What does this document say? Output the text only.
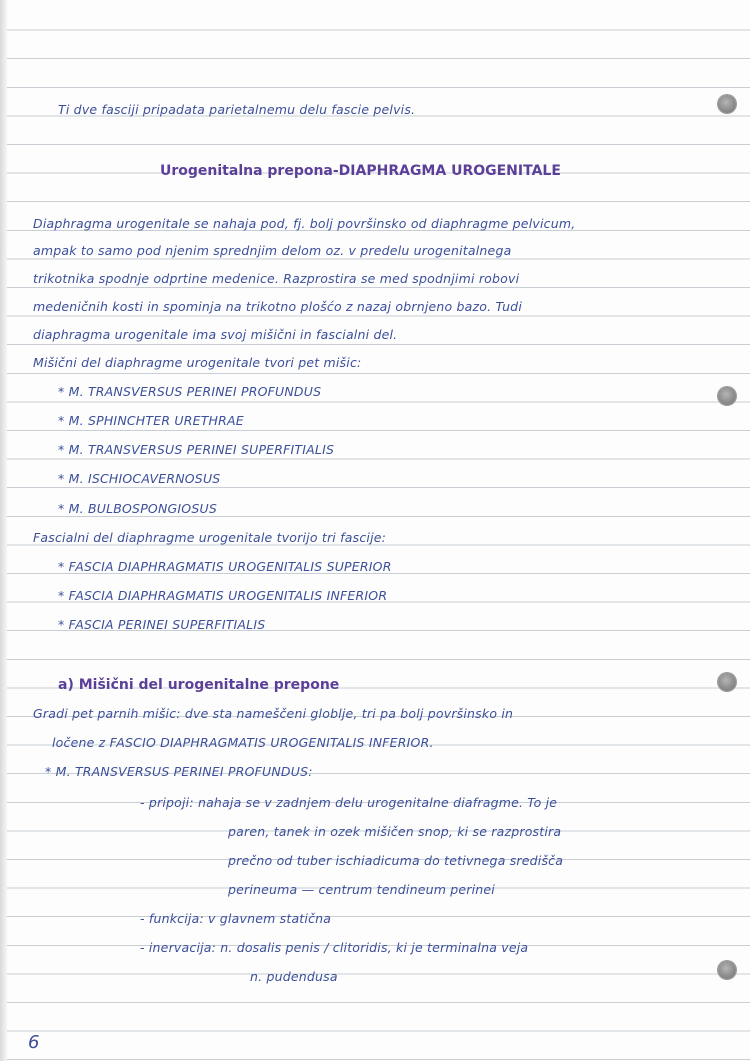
Ti dve fasciji pripadata parietalnemu delu fascie pelvis.
Urogenitalna prepona-DIAPHRAGMA UROGENITALE
Diaphragma urogenitale se nahaja pod, fj. bolj površinsko od diaphragme pelvicum,
ampak to samo pod njenim sprednjim delom oz. v predelu urogenitalnega
trikotnika spodnje odprtine medenice. Razprostira se med spodnjimi robovi
medeničnih kosti in spominja na trikotno plošćo z nazaj obrnjeno bazo. Tudi
diaphragma urogenitale ima svoj mišični in fascialni del.
Mišični del diaphragme urogenitale tvori pet mišic:
* M. TRANSVERSUS PERINEI PROFUNDUS
* M. SPHINCHTER URETHRAE
* M. TRANSVERSUS PERINEI SUPERFITIALIS
* M. ISCHIOCAVERNOSUS
* M. BULBOSPONGIOSUS
Fascialni del diaphragme urogenitale tvorijo tri fascije:
* FASCIA DIAPHRAGMATIS UROGENITALIS SUPERIOR
* FASCIA DIAPHRAGMATIS UROGENITALIS INFERIOR
* FASCIA PERINEI SUPERFITIALIS
a) Mišični del urogenitalne prepone
Gradi pet parnih mišic: dve sta nameščeni globlje, tri pa bolj površinsko in
ločene z FASCIO DIAPHRAGMATIS UROGENITALIS INFERIOR.
* M. TRANSVERSUS PERINEI PROFUNDUS:
- pripoji: nahaja se v zadnjem delu urogenitalne diafragme. To je
paren, tanek in ozek mišičen snop, ki se razprostira
prečno od tuber ischiadicuma do tetivnega središča
perineuma — centrum tendineum perinei
- funkcija: v glavnem statična
- inervacija: n. dosalis penis / clitoridis, ki je terminalna veja
n. pudendusa
6
